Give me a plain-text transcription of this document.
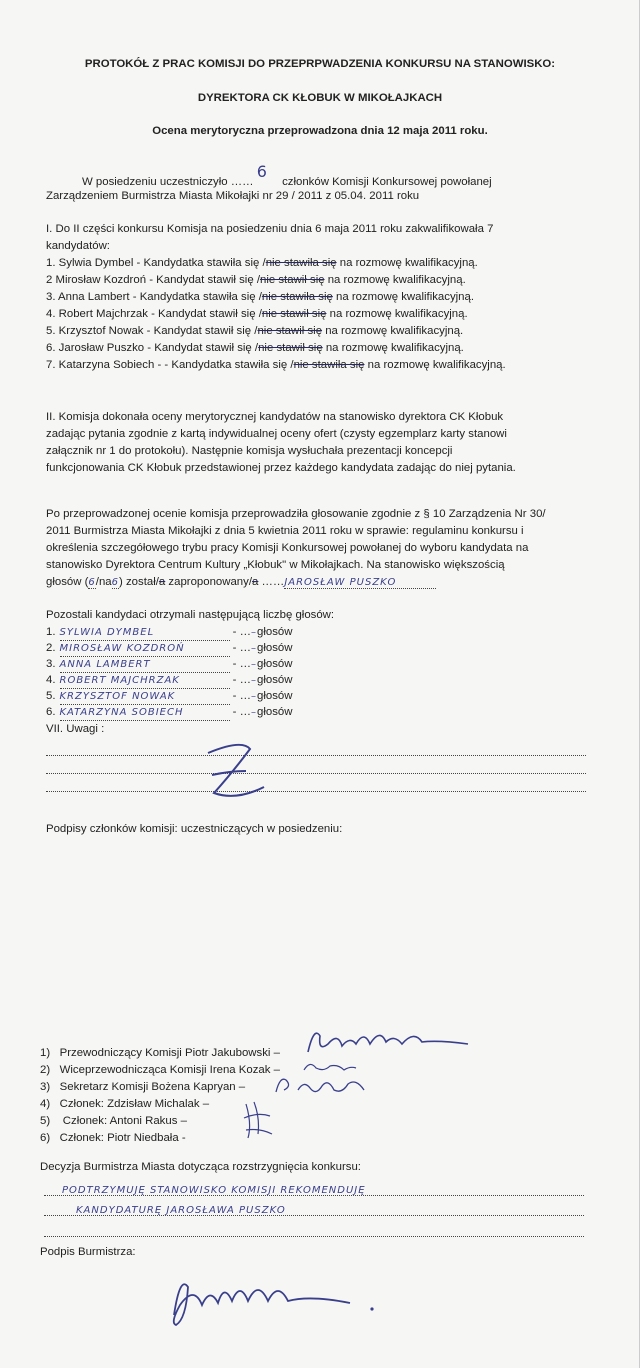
PROTOKÓŁ Z PRAC KOMISJI DO PRZEPRPWADZENIA KONKURSU NA STANOWISKO:
DYREKTORA CK KŁOBUK W MIKOŁAJKACH
Ocena merytoryczna przeprowadzona dnia 12 maja 2011 roku.
W posiedzeniu uczestniczyło …… 6 członków Komisji Konkursowej powołanej
Zarządzeniem Burmistrza Miasta Mikołajki nr 29 / 2011 z 05.04. 2011 roku
I. Do II części konkursu Komisja na posiedzeniu dnia 6 maja 2011 roku zakwalifikowała 7
kandydatów:
1. Sylwia Dymbel - Kandydatka stawiła się /nie stawiła się na rozmowę kwalifikacyjną.
2 Mirosław Kozdroń - Kandydat stawił się /nie stawił się na rozmowę kwalifikacyjną.
3. Anna Lambert - Kandydatka stawiła się /nie stawiła się na rozmowę kwalifikacyjną.
4. Robert Majchrzak - Kandydat stawił się /nie stawił się na rozmowę kwalifikacyjną.
5. Krzysztof Nowak - Kandydat stawił się /nie stawił się na rozmowę kwalifikacyjną.
6. Jarosław Puszko - Kandydat stawił się /nie stawił się na rozmowę kwalifikacyjną.
7. Katarzyna Sobiech - - Kandydatka stawiła się /nie stawiła się na rozmowę kwalifikacyjną.
II. Komisja dokonała oceny merytorycznej kandydatów na stanowisko dyrektora CK Kłobuk
zadając pytania zgodnie z kartą indywidualnej oceny ofert (czysty egzemplarz karty stanowi
załącznik nr 1 do protokołu). Następnie komisja wysłuchała prezentacji koncepcji
funkcjonowania CK Kłobuk przedstawionej przez każdego kandydata zadając do niej pytania.
Po przeprowadzonej ocenie komisja przeprowadziła głosowanie zgodnie z § 10 Zarządzenia Nr 30/
2011 Burmistrza Miasta Mikołajki z dnia 5 kwietnia 2011 roku w sprawie: regulaminu konkursu i
określenia szczegółowego trybu pracy Komisji Konkursowej powołanej do wyboru kandydata na
stanowisko Dyrektora Centrum Kultury „Kłobuk" w Mikołajkach. Na stanowisko większością
głosów (6/na6) został/a zaproponowany/a ……JAROSŁAW PUSZKO
Pozostali kandydaci otrzymali następującą liczbę głosów:
1. SYLWIA DYMBEL	- …–głosów
2. MIROSŁAW KOZDROŃ	- …–głosów
3. ANNA LAMBERT	- …–głosów
4. ROBERT MAJCHRZAK	- …–głosów
5. KRZYSZTOF NOWAK	- …–głosów
6. KATARZYNA SOBIECH	- …–głosów
VII. Uwagi :
Podpisy członków komisji: uczestniczących w posiedzeniu:
1) Przewodniczący Komisji Piotr Jakubowski –
2) Wiceprzewodnicząca Komisji Irena Kozak –
3) Sekretarz Komisji Bożena Kapryan –
4) Członek: Zdzisław Michalak –
5)    Członek: Antoni Rakus –
6) Członek: Piotr Niedbała -
Decyzja Burmistrza Miasta dotycząca rozstrzygnięcia konkursu:
PODTRZYMUJĘ STANOWISKO KOMISJI REKOMENDUJĘ
KANDYDATURĘ JAROSŁAWA PUSZKO
Podpis Burmistrza:
